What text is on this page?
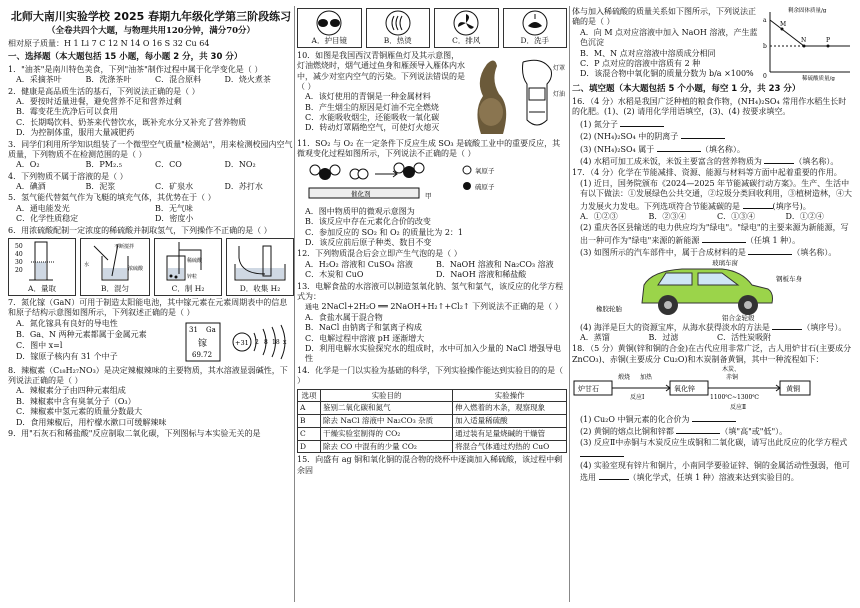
北师大南川实验学校 2025 春期九年级化学第三阶段练习
（全卷共四个大题，与物理共用120分钟，满分70分）
相对原子质量：H 1 Li 7 C 12 N 14 O 16 S 32 Cu 64
一、选择题（本大题包括 15 小题，每小题 2 分，共 30 分）
1．"油茶"是南川特色美食，下列"油茶"制作过程中属于化学变化是（ ）
A．采摘茶叶	B．洗涤茶叶	C．混合原料	D．烧火煮茶
2．健康是高品质生活的基石，下列说法正确的是（ ）
A．要按时适量进餐，避免营养不足和营养过剩
B．霉变花生洗净后可以食用
C．长期喝饮料、奶茶来代替饮水，既补充水分又补充了营养物质
D．为控制体重，服用大量减肥药
3．同学们利用所学知识组装了一个微型空气质量"检测站"，用来检测校园内空气质量，下列物质不在检测范围的是（ ）
A．O₂	B．PM₂.₅	C．CO	D．NO₂
4．下列物质不属于溶液的是（ ）
A．碘酒	B．泥浆	C．矿泉水	D．苏打水
5．氢气能代替氦气作为飞艇的填充气体，其优势在于（ ）
A．通电能发光	B．无气味
C．化学性质稳定	D．密度小
6．用浓硫酸配制一定浓度的稀硫酸并制取氢气，下列操作不正确的是（ ）
50
40
30
20
A．量取
不断搅拌
水
浓硫酸
B．混匀
稀硫酸
锌粒
C．制 H₂	D．收集 H₂
7．氮化镓（GaN）可用于制造太阳能电池，其中镓元素在元素周期表中的信息和原子结构示意图如图所示，下列叙述正确的是（ ）
A．氮化镓具有良好的导电性
B．Ga、N 两种元素都属于金属元素
C．图中 x=l
D．镓原子核内有 31 个中子
31 Ga
镓
69.72
+31 2 8 18 x
8．辣椒素（C₁₈H₂₇NO₃）是决定辣椒辣味的主要物质，其水溶液显弱碱性，下列说法正确的是（ ）
A．辣椒素分子由四种元素组成
B．辣椒素中含有臭氧分子（O₃）
C．辣椒素中氢元素的质量分数最大
D．食用辣椒后，用柠檬水漱口可缓解辣味
9．用"石灰石和稀盐酸"反应制取二氧化碳，下列图标与本实验无关的是
A．护目镜	B．热烫	C．排风	D．洗手
10．如图是我国西汉青铜雁鱼灯及其示意图，灯油燃烧时，烟气通过鱼身和雁颈导入雁体内水中，减少对室内空气的污染。下列说法错误的是（ ）
A．该灯使用的青铜是一种金属材料
B．产生烟尘的原因是灯油不完全燃烧
C．水能吸收烟尘，还能吸收一氧化碳
D．转动灯罩隔绝空气，可使灯火熄灭
灯罩
灯油
11．SO₂ 与 O₂ 在一定条件下反应生成 SO₃ 是硫酸工业中的重要反应，其微观变化过程如图所示，下列说法不正确的是（ ）
催化剂	甲
氧原子
硫原子
A．图中物质甲的微观示意图为
B．该反应中存在元素化合价的改变
C．参加反应的 SO₂ 和 O₂ 的质量比为 2：1
D．该反应前后原子种类、数目不变
12．下列物质混合后会立即产生气泡的是（ ）
A．H₂O₂ 溶液和 CuSO₄ 溶液	B．NaOH 溶液和 Na₂CO₃ 溶液
C．木炭和 CuO	D．NaOH 溶液和稀盐酸
13．电解食盐的水溶液可以制造氢氧化钠、氢气和氯气，该反应的化学方程式为：
通电 2NaCl+2H₂O ══ 2NaOH+H₂↑+Cl₂↑ 下列说法不正确的是（ ）
A．食盐水属于混合物
B．NaCl 由钠离子和氯离子构成
C．电解过程中溶液 pH 逐渐增大
D．利用电解水实验探究水的组成时，水中可加入少量的 NaCl 增强导电性
14．化学是一门以实验为基础的科学，下列实验操作能达到实验目的的是（ ）
选项	实验目的	实验操作
A	鉴别二氧化碳和氮气	伸入燃着的木条，观察现象
B	除去 NaCl 溶液中 Na₂CO₃ 杂质	加入适量稀硫酸
C	干燥实验室制得的 CO₂	通过装有足量烧碱的干燥管
D	除去 CO 中混有的少量 CO₂	将混合气体通过灼热的 CuO
15．向盛有 ag 铜和氧化铜的混合物的烧杯中逐滴加入稀硫酸，该过程中剩余固
体与加入稀硫酸的质量关系如下图所示，下列说法正确的是（ ）
A．向 M 点对应溶液中加入 NaOH 溶液，产生蓝色沉淀
B．M、N 点对应溶液中溶质成分相同
C．P 点对应的溶液中溶质有 2 种
D．该混合物中氧化铜的质量分数为 b/a ×100%
M
N	P
a
b
0
剩余固体质量/g
稀硫酸质量/g
二、填空题（本大题包括 5 个小题，每空 1 分，共 23 分）
16．（4 分）水稻是我国广泛种植的粮食作物，(NH₄)₂SO₄ 常用作水稻生长时的化肥。(1)、(2) 请用化学用语填空，(3)、(4) 按要求填空。
(1) 氮分子
(2) (NH₄)₂SO₄ 中的阴离子
(3) (NH₄)₂SO₄ 属于	（填名称）。
(4) 水稻可加工成米饭，米饭主要富含的营养物质为	（填名称）。
17．（4 分）化学在节能减排、资源、能源与材料等方面中起着重要的作用。
(1) 近日，国务院颁布《2024—2025 年节能减碳行动方案》。生产、生活中有以下做法：①发展绿色公共交通，②垃圾分类回收利用，③植树造林，④大力发展火力发电。下列选项符合节能减碳的是	(填序号)。
A．①②③	B．②③④	C．①③④	D．①②④
(2) 重庆各区县输送的电力供应均为"绿电"。"绿电"的主要来源为新能源，写出一种可作为"绿电"来源的新能源	（任填 1 种）。
(3) 如图所示的汽车部件中，属于合成材料的是	（填名称）。
玻璃车窗
钢板车身
橡胶轮胎
铝合金轮毂
(4) 海洋是巨大的资源宝库，从海水获得淡水的方法是	（填序号）。
A．蒸馏	B．过滤	C．活性炭吸附
18．（5 分）黄铜(锌和铜的合金)在古代应用非常广泛，古人用炉甘石(主要成分 ZnCO₃)、赤铜(主要成分 Cu₂O)和木炭制备黄铜，其中一种流程如下：
炉甘石
煅烧 加热
反应Ⅰ
氧化锌
木炭、
赤铜
1100℃~1300℃
反应Ⅱ
黄铜
(1) Cu₂O 中铜元素的化合价为
(2) 黄铜的熔点比铜和锌都	（填"高"或"低"）。
(3) 反应Ⅱ中赤铜与木炭反应生成铜和二氧化碳，请写出此反应的化学方程式
(4) 实验室现有锌片和铜片，小南同学要验证锌、铜的金属活动性强弱，他可选用	（填化学式，任填 1 种）溶液来达到实验目的。
